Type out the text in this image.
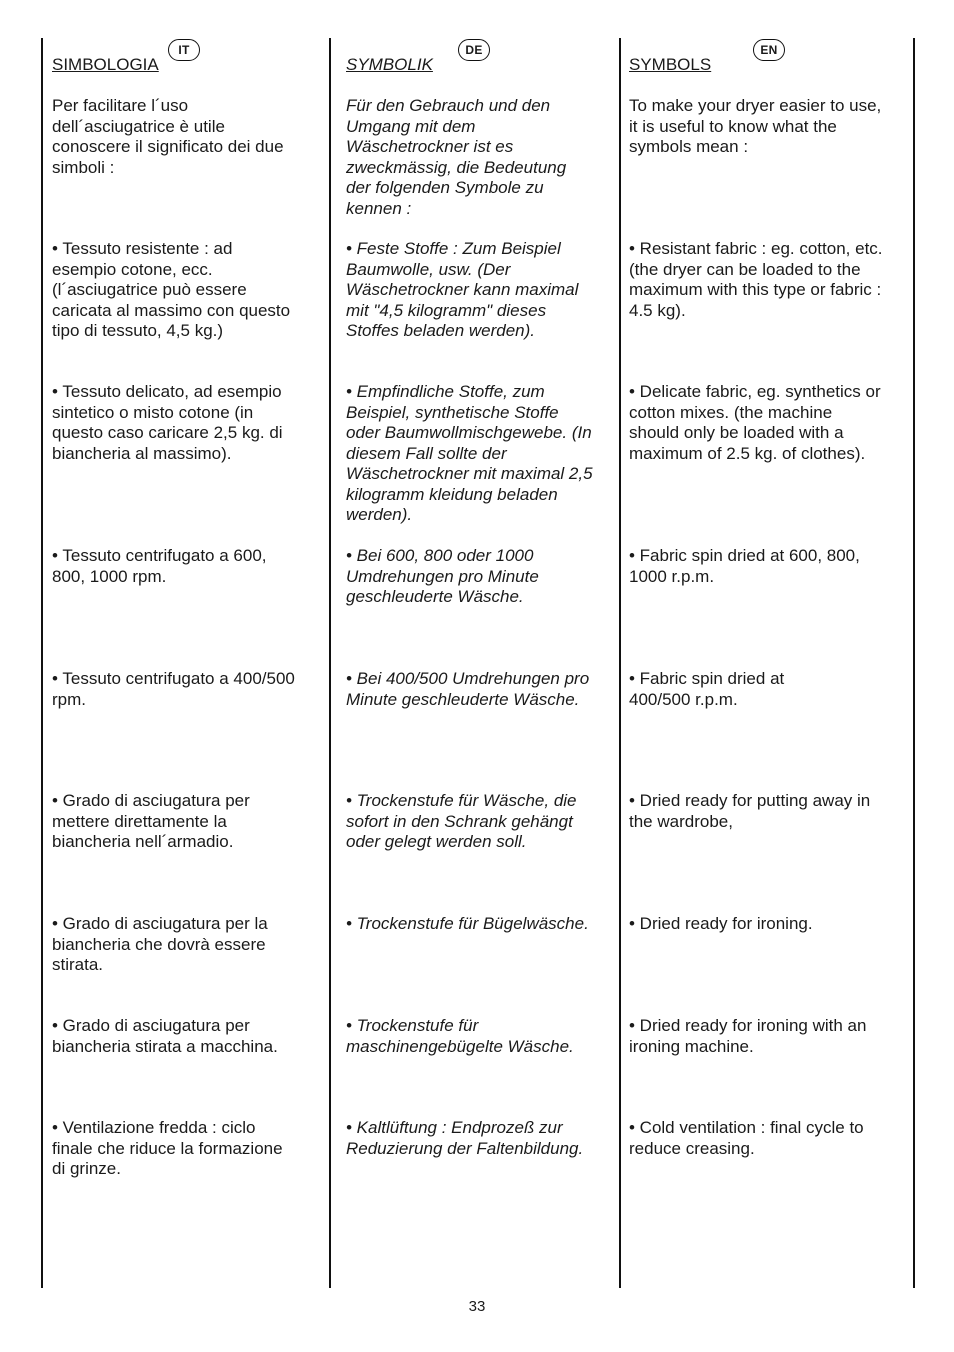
IT	DE	EN

SIMBOLOGIA

Per facilitare l´uso
dell´asciugatrice è utile
conoscere il significato dei due
simboli :

• Tessuto resistente : ad
esempio cotone, ecc.
(l´asciugatrice può essere
caricata al massimo con questo
tipo di tessuto, 4,5 kg.)

• Tessuto delicato, ad esempio
sintetico o misto cotone (in
questo caso caricare 2,5 kg. di
biancheria al massimo).

• Tessuto centrifugato a 600,
800, 1000 rpm.

• Tessuto centrifugato a 400/500
rpm.

• Grado di asciugatura per
mettere direttamente la
biancheria nell´armadio.

• Grado di asciugatura per la
biancheria che dovrà essere
stirata.

• Grado di asciugatura per
biancheria stirata a macchina.

• Ventilazione fredda : ciclo
finale che riduce la formazione
di grinze.

SYMBOLIK

Für den Gebrauch und den
Umgang mit dem
Wäschetrockner ist es
zweckmässig, die Bedeutung
der folgenden Symbole zu
kennen :

• Feste Stoffe : Zum Beispiel
Baumwolle, usw. (Der
Wäschetrockner kann maximal
mit "4,5 kilogramm" dieses
Stoffes beladen werden).

• Empfindliche Stoffe, zum
Beispiel, synthetische Stoffe
oder Baumwollmischgewebe. (In
diesem Fall sollte der
Wäschetrockner mit maximal 2,5
kilogramm kleidung beladen
werden).

• Bei 600, 800 oder 1000
Umdrehungen pro Minute
geschleuderte Wäsche.

• Bei 400/500 Umdrehungen pro
Minute geschleuderte Wäsche.

• Trockenstufe für Wäsche, die
sofort in den Schrank gehängt
oder gelegt werden soll.

• Trockenstufe für Bügelwäsche.

• Trockenstufe für
maschinengebügelte Wäsche.

• Kaltlüftung : Endprozeß zur
Reduzierung der Faltenbildung.

SYMBOLS

To make your dryer easier to use,
it is useful to know what the
symbols mean :

• Resistant fabric : eg. cotton, etc.
(the dryer can be loaded to the
maximum with this type or fabric :
4.5 kg).

• Delicate fabric, eg. synthetics or
cotton mixes. (the machine
should only be loaded with a
maximum of 2.5 kg. of clothes).

• Fabric spin dried at 600, 800,
1000 r.p.m.

• Fabric spin dried at
400/500 r.p.m.

• Dried ready for putting away in
the wardrobe,

• Dried ready for ironing.

• Dried ready for ironing with an
ironing machine.

• Cold ventilation : final cycle to
reduce creasing.

33
